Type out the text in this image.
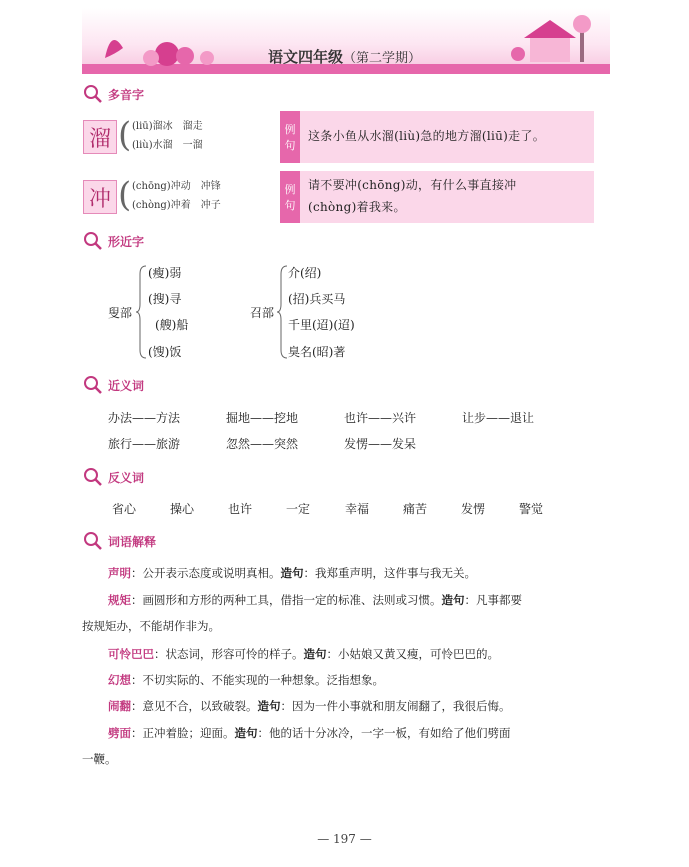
语文四年级（第二学期）
多音字
溜 ( (liū)溜冰　溜走
(liù)水溜　一溜
例句
这条小鱼从水溜(liù)急的地方溜(liū)走了。
冲 ( (chōng)冲动　冲锋
(chòng)冲着　冲子
例句
请不要冲(chōng)动，有什么事直接冲
(chòng)着我来。
形近字
叟部
(瘦)弱
(搜)寻
(艘)船
(馊)饭
召部
介(绍)
(招)兵买马
千里(迢)(迢)
臭名(昭)著
近义词
办法——方法	掘地——挖地	也许——兴许	让步——退让
旅行——旅游	忽然——突然	发愣——发呆
反义词
省心	操心	也许	一定	幸福	痛苦	发愣	警觉
词语解释
声明：公开表示态度或说明真相。造句：我郑重声明，这件事与我无关。
规矩：画圆形和方形的两种工具，借指一定的标准、法则或习惯。造句：凡事都要
按规矩办，不能胡作非为。
可怜巴巴：状态词，形容可怜的样子。造句：小姑娘又黄又瘦，可怜巴巴的。
幻想：不切实际的、不能实现的一种想象。泛指想象。
闹翻：意见不合，以致破裂。造句：因为一件小事就和朋友闹翻了，我很后悔。
劈面：正冲着脸；迎面。造句：他的话十分冰冷，一字一板，有如给了他们劈面
一鞭。
— 197 —
